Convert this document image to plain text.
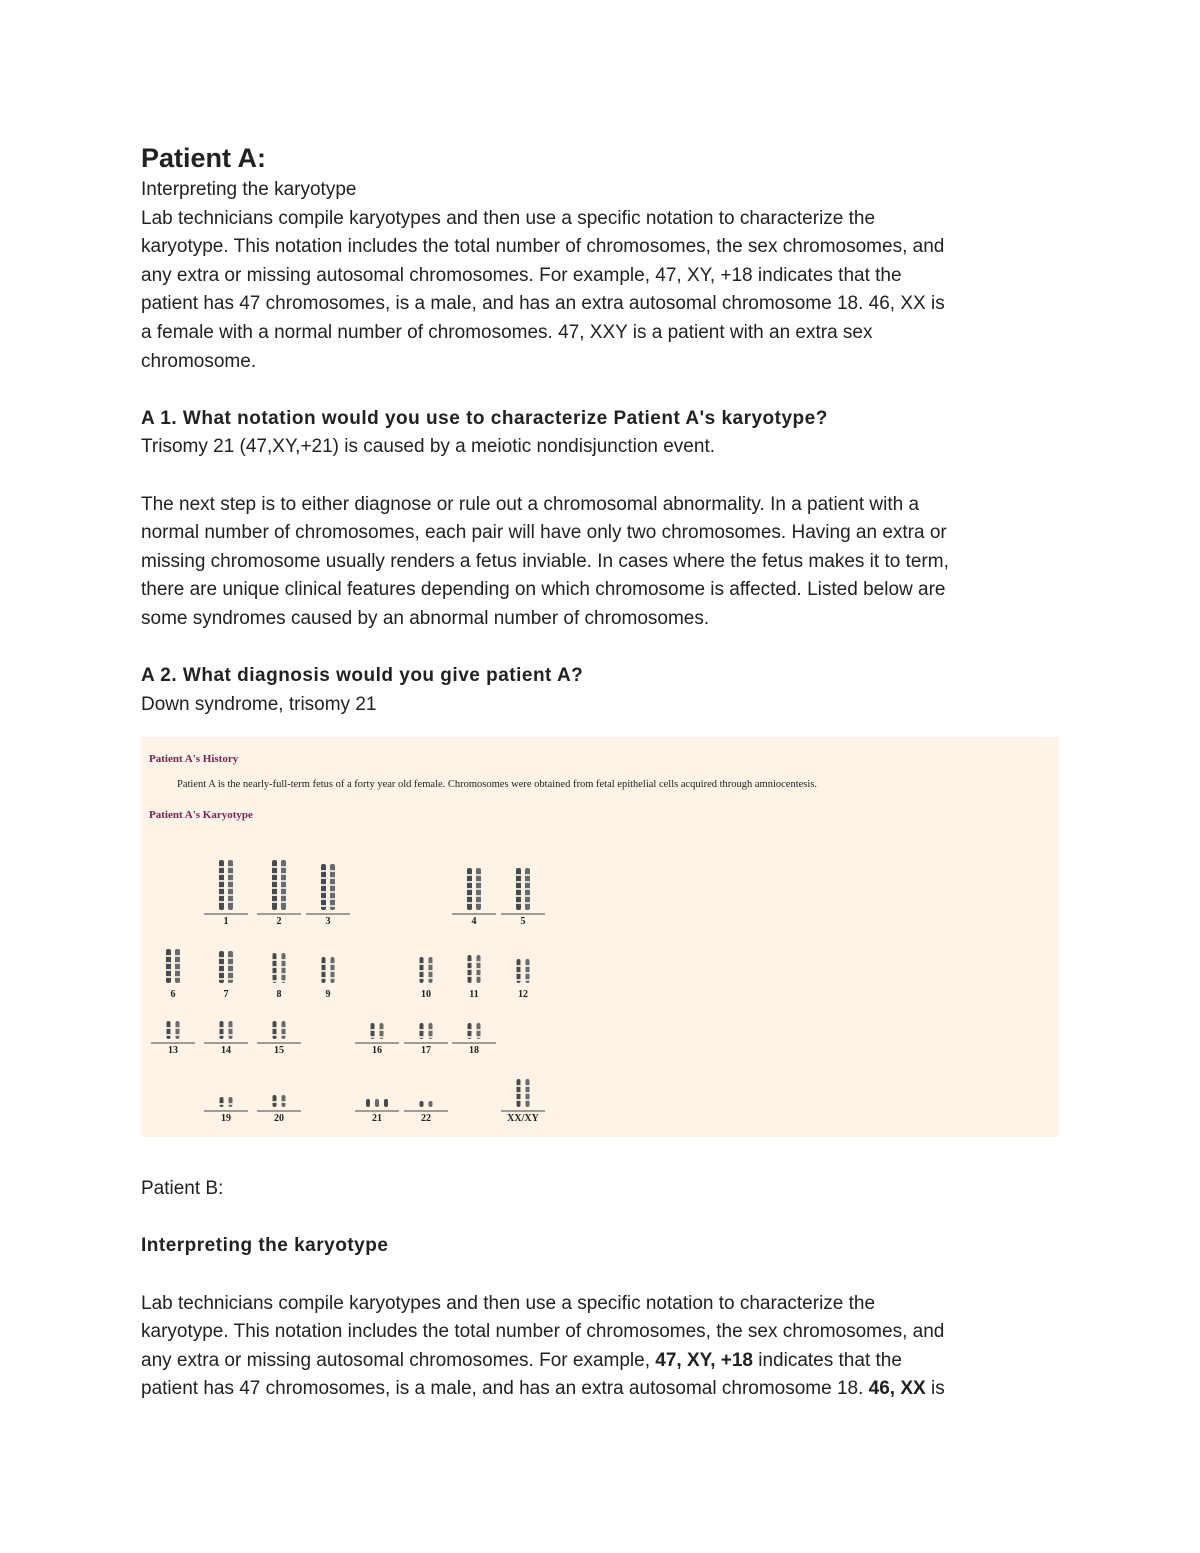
Patient A:

Interpreting the karyotype

Lab technicians compile karyotypes and then use a specific notation to characterize the

karyotype. This notation includes the total number of chromosomes, the sex chromosomes, and

any extra or missing autosomal chromosomes. For example, 47, XY, +18 indicates that the

patient has 47 chromosomes, is a male, and has an extra autosomal chromosome 18. 46, XX is

a female with a normal number of chromosomes. 47, XXY is a patient with an extra sex

chromosome.

A 1. What notation would you use to characterize Patient A's karyotype?

Trisomy 21 (47,XY,+21) is caused by a meiotic nondisjunction event.

The next step is to either diagnose or rule out a chromosomal abnormality. In a patient with a

normal number of chromosomes, each pair will have only two chromosomes. Having an extra or

missing chromosome usually renders a fetus inviable. In cases where the fetus makes it to term,

there are unique clinical features depending on which chromosome is affected. Listed below are

some syndromes caused by an abnormal number of chromosomes.

A 2. What diagnosis would you give patient A?

Down syndrome, trisomy 21

Patient A's History
Patient A is the nearly-full-term fetus of a forty year old female. Chromosomes were obtained from fetal epithelial cells acquired through amniocentesis.
Patient A's Karyotype
1	2	3	4	5
6	7	8	9	10	11	12
13	14	15	16	17	18
19	20	21	22	XX/XY

Patient B:

Interpreting the karyotype

Lab technicians compile karyotypes and then use a specific notation to characterize the

karyotype. This notation includes the total number of chromosomes, the sex chromosomes, and

any extra or missing autosomal chromosomes. For example, 47, XY, +18 indicates that the

patient has 47 chromosomes, is a male, and has an extra autosomal chromosome 18. 46, XX is
